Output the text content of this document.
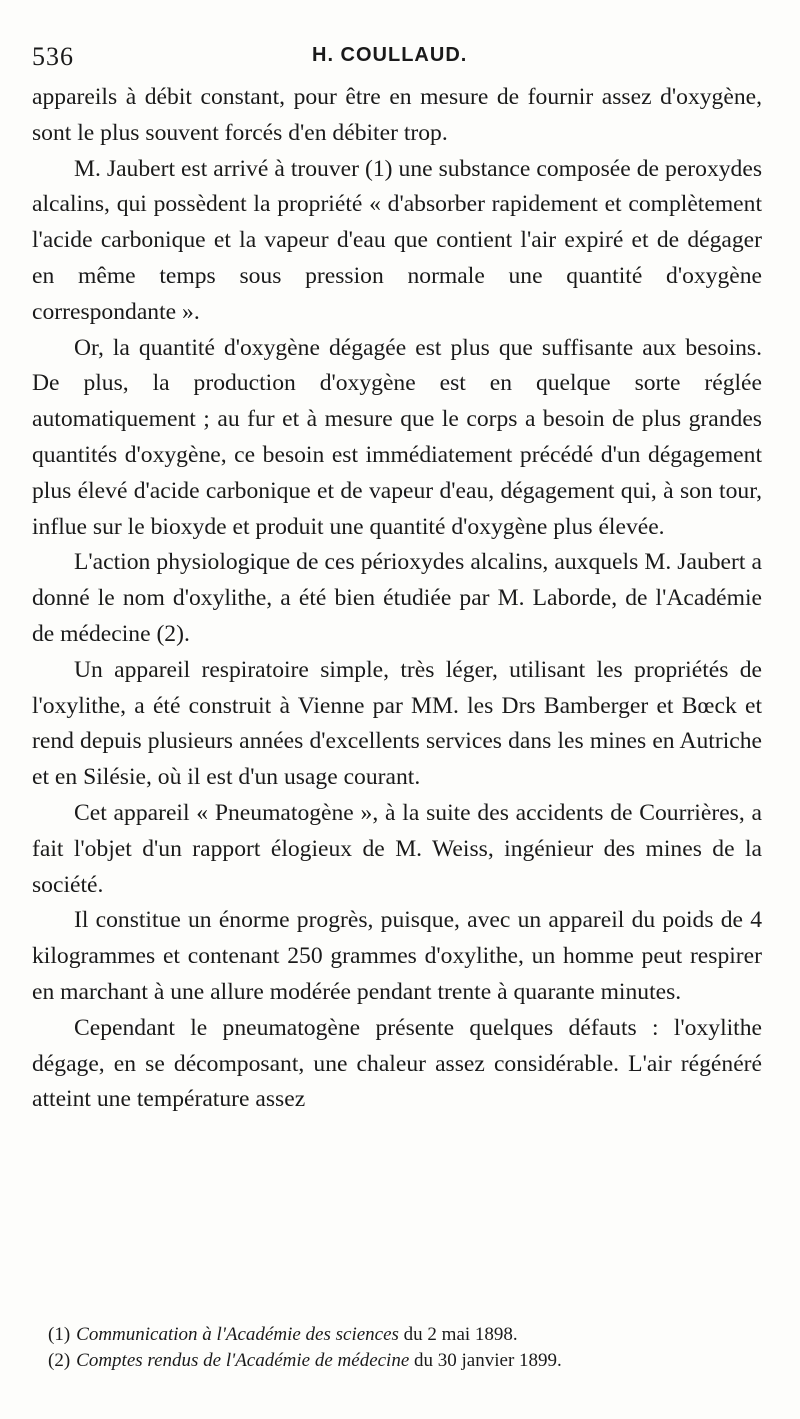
536	H. COULLAUD.

appareils à débit constant, pour être en mesure de fournir assez d'oxygène, sont le plus souvent forcés d'en débiter trop.

M. Jaubert est arrivé à trouver (1) une substance composée de peroxydes alcalins, qui possèdent la propriété « d'absorber rapidement et complètement l'acide carbonique et la vapeur d'eau que contient l'air expiré et de dégager en même temps sous pression normale une quantité d'oxygène correspondante ».

Or, la quantité d'oxygène dégagée est plus que suffisante aux besoins. De plus, la production d'oxygène est en quelque sorte réglée automatiquement ; au fur et à mesure que le corps a besoin de plus grandes quantités d'oxygène, ce besoin est immédiatement précédé d'un dégagement plus élevé d'acide carbonique et de vapeur d'eau, dégagement qui, à son tour, influe sur le bioxyde et produit une quantité d'oxygène plus élevée.

L'action physiologique de ces périoxydes alcalins, auxquels M. Jaubert a donné le nom d'oxylithe, a été bien étudiée par M. Laborde, de l'Académie de médecine (2).

Un appareil respiratoire simple, très léger, utilisant les propriétés de l'oxylithe, a été construit à Vienne par MM. les Drs Bamberger et Bœck et rend depuis plusieurs années d'excellents services dans les mines en Autriche et en Silésie, où il est d'un usage courant.

Cet appareil « Pneumatogène », à la suite des accidents de Courrières, a fait l'objet d'un rapport élogieux de M. Weiss, ingénieur des mines de la société.

Il constitue un énorme progrès, puisque, avec un appareil du poids de 4 kilogrammes et contenant 250 grammes d'oxylithe, un homme peut respirer en marchant à une allure modérée pendant trente à quarante minutes.

Cependant le pneumatogène présente quelques défauts : l'oxylithe dégage, en se décomposant, une chaleur assez considérable. L'air régénéré atteint une température assez

(1) Communication à l'Académie des sciences du 2 mai 1898.

(2) Comptes rendus de l'Académie de médecine du 30 janvier 1899.
